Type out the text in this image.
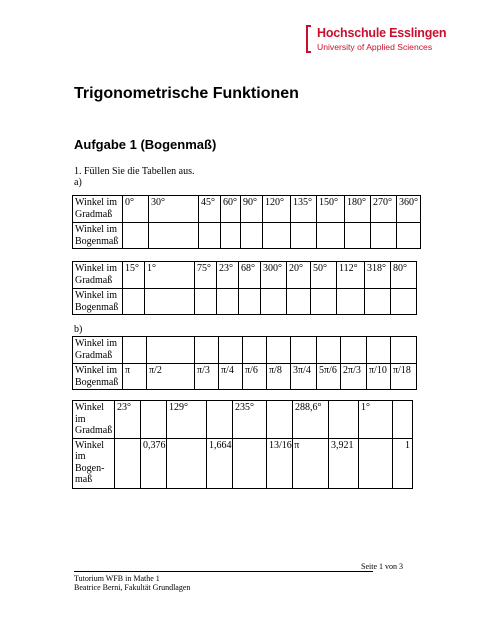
Hochschule Esslingen
University of Applied Sciences
Trigonometrische Funktionen
Aufgabe 1 (Bogenmaß)
1. Füllen Sie die Tabellen aus.
a)
Winkel im Gradmaß	0°	30°	45°	60°	90°	120°	135°	150°	180°	270°	360°
Winkel im Bogenmaß											
Winkel im Gradmaß	15°	1°	75°	23°	68°	300°	20°	50°	112°	318°	80°
Winkel im Bogenmaß											
b)
Winkel im Gradmaß											
Winkel im Bogenmaß	π	π/2	π/3	π/4	π/6	π/8	3π/4	5π/6	2π/3	π/10	π/18
Winkel im Gradmaß	23°		129°		235°		288,6°		1°	
Winkel im Bogen-maß		0,376		1,664		13/16 π		3,921		1
Seite 1 von 3
Tutorium WFB in Mathe 1
Beatrice Berni, Fakultät Grundlagen
